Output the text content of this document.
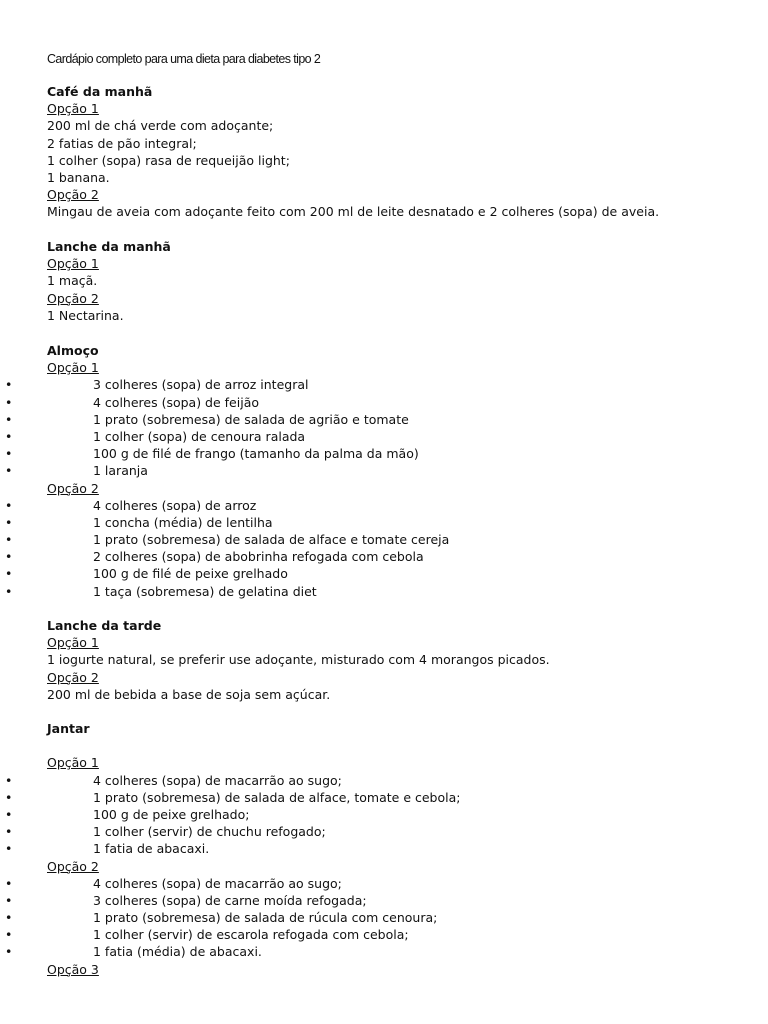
Cardápio completo para uma dieta para diabetes tipo 2
Café da manhã
Opção 1
200 ml de chá verde com adoçante;
2 fatias de pão integral;
1 colher (sopa) rasa de requeijão light;
1 banana.
Opção 2
Mingau de aveia com adoçante feito com 200 ml de leite desnatado e 2 colheres (sopa) de aveia.
Lanche da manhã
Opção 1
1 maçã.
Opção 2
1 Nectarina.
Almoço
Opção 1
•	3 colheres (sopa) de arroz integral
•	4 colheres (sopa) de feijão
•	1 prato (sobremesa) de salada de agrião e tomate
•	1 colher (sopa) de cenoura ralada
•	100 g de filé de frango (tamanho da palma da mão)
•	1 laranja
Opção 2
•	4 colheres (sopa) de arroz
•	1 concha (média) de lentilha
•	1 prato (sobremesa) de salada de alface e tomate cereja
•	2 colheres (sopa) de abobrinha refogada com cebola
•	100 g de filé de peixe grelhado
•	1 taça (sobremesa) de gelatina diet
Lanche da tarde
Opção 1
1 iogurte natural, se preferir use adoçante, misturado com 4 morangos picados.
Opção 2
200 ml de bebida a base de soja sem açúcar.
Jantar
Opção 1
•	4 colheres (sopa) de macarrão ao sugo;
•	1 prato (sobremesa) de salada de alface, tomate e cebola;
•	100 g de peixe grelhado;
•	1 colher (servir) de chuchu refogado;
•	1 fatia de abacaxi.
Opção 2
•	4 colheres (sopa) de macarrão ao sugo;
•	3 colheres (sopa) de carne moída refogada;
•	1 prato (sobremesa) de salada de rúcula com cenoura;
•	1 colher (servir) de escarola refogada com cebola;
•	1 fatia (média) de abacaxi.
Opção 3
